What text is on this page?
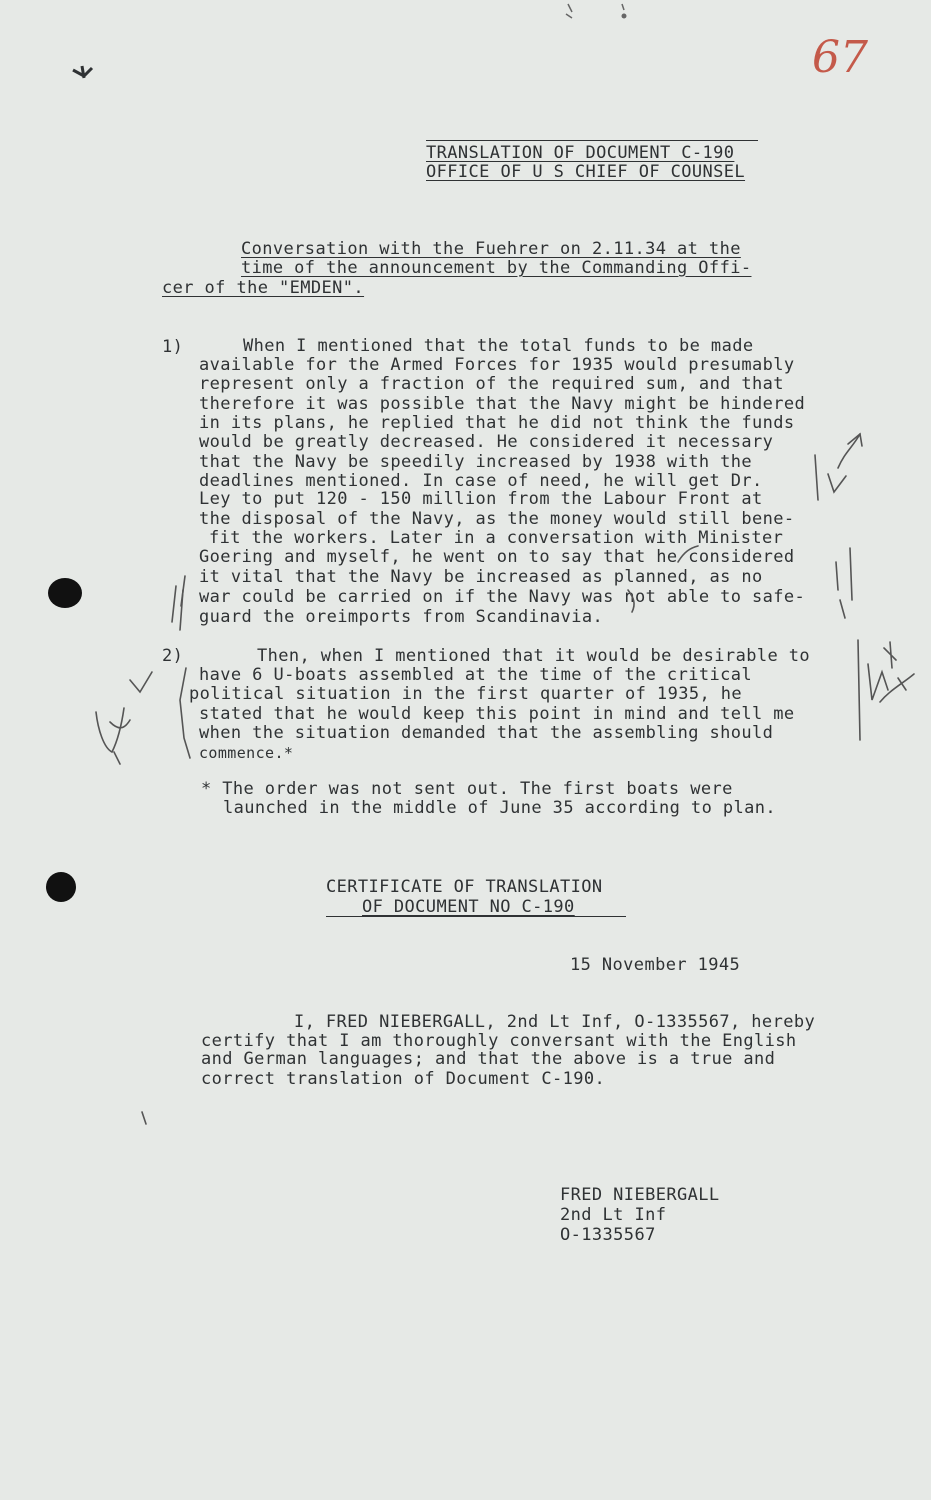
67
TRANSLATION OF DOCUMENT C-190
OFFICE OF U S CHIEF OF COUNSEL
Conversation with the Fuehrer on 2.11.34 at the
time of the announcement by the Commanding Offi-
cer of the "EMDEN".
1)	When I mentioned that the total funds to be made
available for the Armed Forces for 1935 would presumably
represent only a fraction of the required sum, and that
therefore it was possible that the Navy might be hindered
in its plans, he replied that he did not think the funds
would be greatly decreased. He considered it necessary
that the Navy be speedily increased by 1938 with the
deadlines mentioned. In case of need, he will get Dr.
Ley to put 120 - 150 million from the Labour Front at
the disposal of the Navy, as the money would still bene-
fit the workers. Later in a conversation with Minister
Goering and myself, he went on to say that he considered
it vital that the Navy be increased as planned, as no
war could be carried on if the Navy was not able to safe-
guard the oreimports from Scandinavia.
2)	Then, when I mentioned that it would be desirable to
have 6 U-boats assembled at the time of the critical
political situation in the first quarter of 1935, he
stated that he would keep this point in mind and tell me
when the situation demanded that the assembling should
commence.*
* The order was not sent out. The first boats were
launched in the middle of June 35 according to plan.
CERTIFICATE OF TRANSLATION
OF DOCUMENT NO C-190
15 November 1945
I, FRED NIEBERGALL, 2nd Lt Inf, O-1335567, hereby
certify that I am thoroughly conversant with the English
and German languages; and that the above is a true and
correct translation of Document C-190.
FRED NIEBERGALL
2nd Lt Inf
O-1335567
